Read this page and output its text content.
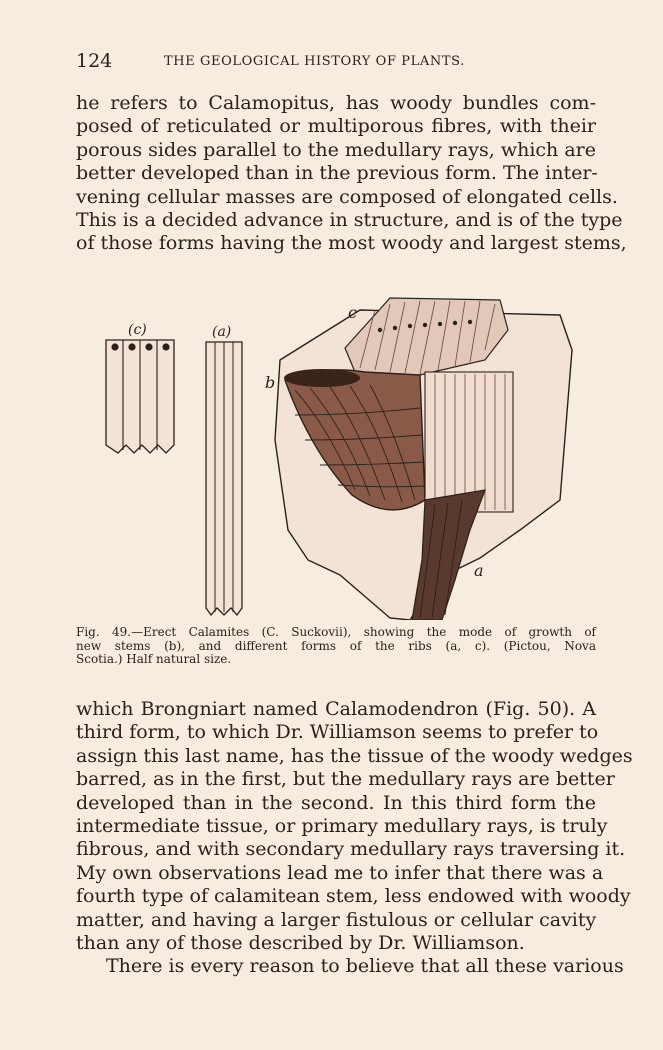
124	THE GEOLOGICAL HISTORY OF PLANTS.
he refers to Calamopitus, has woody bundles com-
posed of reticulated or multiporous fibres, with their
porous sides parallel to the medullary rays, which are
better developed than in the previous form. The inter-
vening cellular masses are composed of elongated cells.
This is a decided advance in structure, and is of the type
of those forms having the most woody and largest stems,
(c)	(a)
c
b
a
Fig. 49.—Erect Calamites (C. Suckovii), showing the mode of growth of
new stems (b), and different forms of the ribs (a, c). (Pictou, Nova
Scotia.) Half natural size.
which Brongniart named Calamodendron (Fig. 50). A
third form, to which Dr. Williamson seems to prefer to
assign this last name, has the tissue of the woody wedges
barred, as in the first, but the medullary rays are better
developed than in the second. In this third form the
intermediate tissue, or primary medullary rays, is truly
fibrous, and with secondary medullary rays traversing it.
My own observations lead me to infer that there was a
fourth type of calamitean stem, less endowed with woody
matter, and having a larger fistulous or cellular cavity
than any of those described by Dr. Williamson.
There is every reason to believe that all these various
